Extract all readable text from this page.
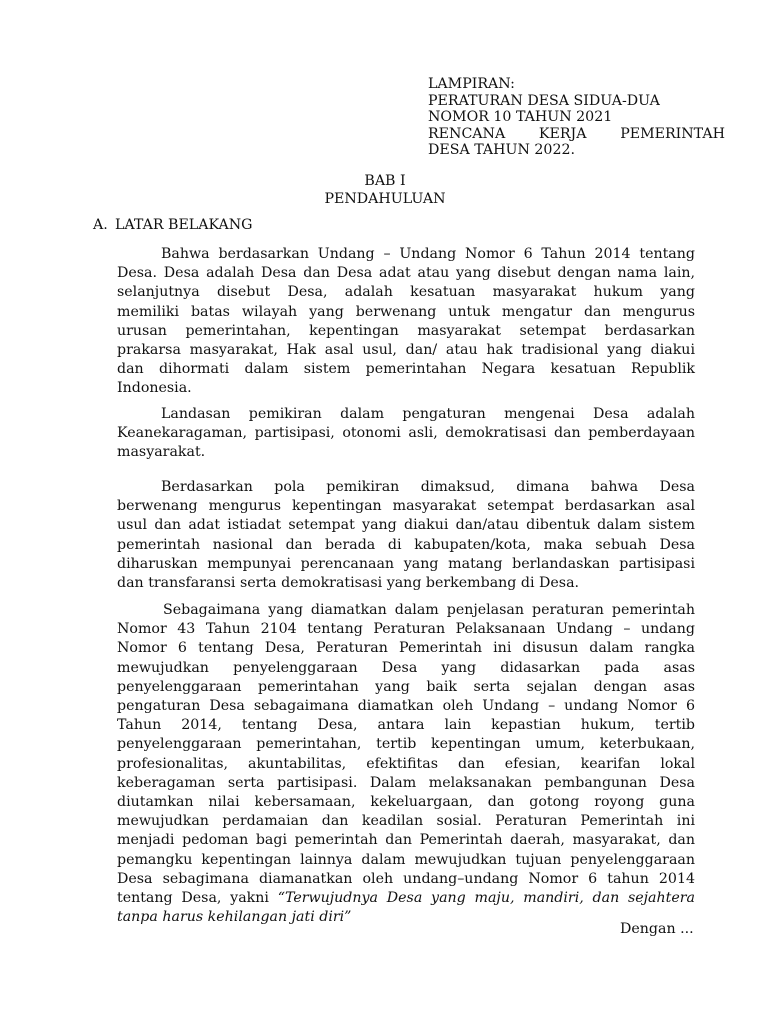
LAMPIRAN:
PERATURAN DESA SIDUA-DUA
NOMOR 10 TAHUN 2021
RENCANA KERJA PEMERINTAH
DESA TAHUN 2022.
BAB I
PENDAHULUAN
A. LATAR BELAKANG
Bahwa berdasarkan Undang – Undang Nomor 6 Tahun 2014 tentang
Desa. Desa adalah Desa dan Desa adat atau yang disebut dengan nama lain,
selanjutnya disebut Desa, adalah kesatuan masyarakat hukum yang
memiliki batas wilayah yang berwenang untuk mengatur dan mengurus
urusan pemerintahan, kepentingan masyarakat setempat berdasarkan
prakarsa masyarakat, Hak asal usul, dan/ atau hak tradisional yang diakui
dan dihormati dalam sistem pemerintahan Negara kesatuan Republik
Indonesia.
Landasan pemikiran dalam pengaturan mengenai Desa adalah
Keanekaragaman, partisipasi, otonomi asli, demokratisasi dan pemberdayaan
masyarakat.
Berdasarkan pola pemikiran dimaksud, dimana bahwa Desa
berwenang mengurus kepentingan masyarakat setempat berdasarkan asal
usul dan adat istiadat setempat yang diakui dan/atau dibentuk dalam sistem
pemerintah nasional dan berada di kabupaten/kota, maka sebuah Desa
diharuskan mempunyai perencanaan yang matang berlandaskan partisipasi
dan transfaransi serta demokratisasi yang berkembang di Desa.
Sebagaimana yang diamatkan dalam penjelasan peraturan pemerintah
Nomor 43 Tahun 2104 tentang Peraturan Pelaksanaan Undang – undang
Nomor 6 tentang Desa, Peraturan Pemerintah ini disusun dalam rangka
mewujudkan penyelenggaraan Desa yang didasarkan pada asas
penyelenggaraan pemerintahan yang baik serta sejalan dengan asas
pengaturan Desa sebagaimana diamatkan oleh Undang – undang Nomor 6
Tahun 2014, tentang Desa, antara lain kepastian hukum, tertib
penyelenggaraan pemerintahan, tertib kepentingan umum, keterbukaan,
profesionalitas, akuntabilitas, efektifitas dan efesian, kearifan lokal
keberagaman serta partisipasi. Dalam melaksanakan pembangunan Desa
diutamkan nilai kebersamaan, kekeluargaan, dan gotong royong guna
mewujudkan perdamaian dan keadilan sosial. Peraturan Pemerintah ini
menjadi pedoman bagi pemerintah dan Pemerintah daerah, masyarakat, dan
pemangku kepentingan lainnya dalam mewujudkan tujuan penyelenggaraan
Desa sebagimana diamanatkan oleh undang–undang Nomor 6 tahun 2014
tentang Desa, yakni “Terwujudnya Desa yang maju, mandiri, dan sejahtera
tanpa harus kehilangan jati diri”
Dengan ...
